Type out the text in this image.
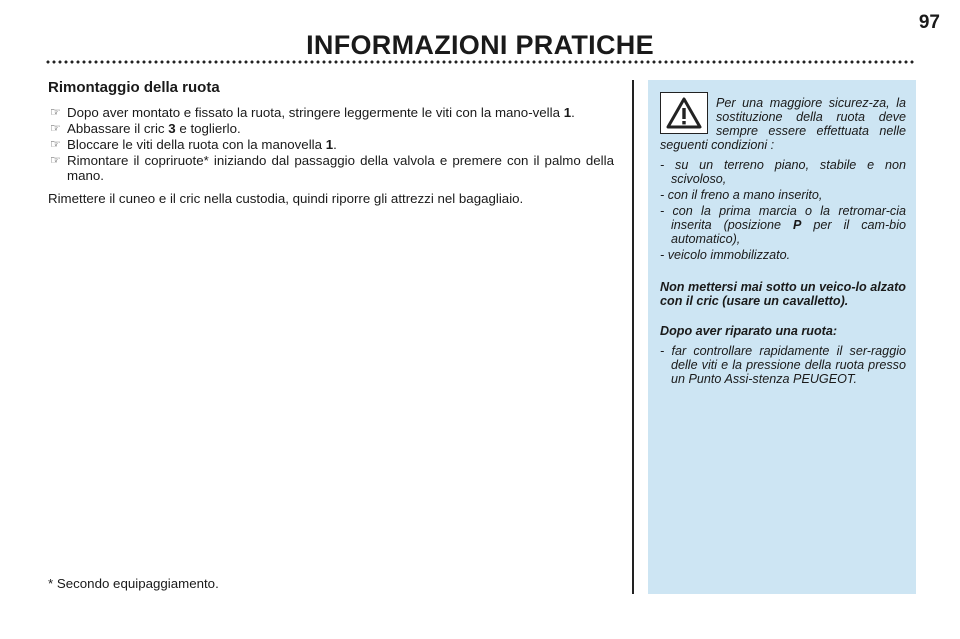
97
INFORMAZIONI PRATICHE
Rimontaggio della ruota
☞ Dopo aver montato e fissato la ruota, stringere leggermente le viti con la mano-vella 1.
☞ Abbassare il cric 3 e toglierlo.
☞ Bloccare le viti della ruota con la manovella 1.
☞ Rimontare il copriruote* iniziando dal passaggio della valvola e premere con il palmo della mano.
Rimettere il cuneo e il cric nella custodia, quindi riporre gli attrezzi nel bagagliaio.
* Secondo equipaggiamento.

Per una maggiore sicurez-za, la sostituzione della ruota deve sempre essere effettuata nelle seguenti condizioni :

- su un terreno piano, stabile e non scivoloso,
- con il freno a mano inserito,
- con la prima marcia o la retromar-cia inserita (posizione P per il cam-bio automatico),
- veicolo immobilizzato.

Non mettersi mai sotto un veico-lo alzato con il cric (usare un cavalletto).

Dopo aver riparato una ruota:

- far controllare rapidamente il ser-raggio delle viti e la pressione della ruota presso un Punto Assi-stenza PEUGEOT.
